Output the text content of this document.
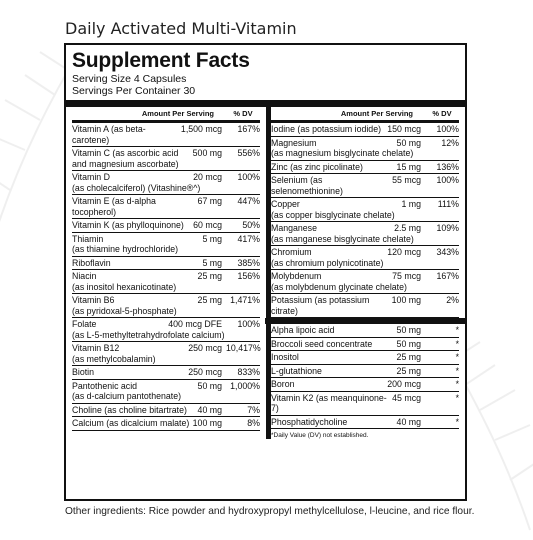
Daily Activated Multi-Vitamin
Supplement Facts
Serving Size 4 Capsules
Servings Per Container 30
Amount Per Serving	% DV
Vitamin A (as beta-carotene)
1,500 mcg	167%
Vitamin C (as ascorbic acid	500 mg	556%
and magnesium ascorbate)
Vitamin D	20 mcg	100%
(as cholecalciferol) (Vitashine®^)
Vitamin E (as d-alpha tocopherol)
67 mg	447%
Vitamin K (as phylloquinone)	60 mcg	50%
Thiamin	5 mg	417%
(as thiamine hydrochloride)
Riboflavin	5 mg	385%
Niacin	25 mg	156%
(as inositol hexanicotinate)
Vitamin B6	25 mg 1,471%
(as pyridoxal-5-phosphate)
Folate	400 mcg DFE	100%
(as L-5-methyltetrahydrofolate calcium)
Vitamin B12	250 mcg 10,417%
(as methylcobalamin)
Biotin	250 mcg	833%
Pantothenic acid	50 mg 1,000%
(as d-calcium pantothenate)
Choline (as choline bitartrate)	40 mg	7%
Calcium (as dicalcium malate) 100 mg	8%
Amount Per Serving	% DV
Iodine (as potassium iodide) 150 mcg	100%
Magnesium	50 mg	12%
(as magnesium bisglycinate chelate)
Zinc (as zinc picolinate)	15 mg	136%
Selenium (as selenomethionine)
55 mcg	100%
Copper	1 mg	111%
(as copper bisglycinate chelate)
Manganese	2.5 mg	109%
(as manganese bisglycinate chelate)
Chromium	120 mcg	343%
(as chromium polynicotinate)
Molybdenum	75 mcg	167%
(as molybdenum glycinate chelate)
Potassium (as potassium citrate)
100 mg	2%
Alpha lipoic acid	50 mg	*
Broccoli seed concentrate	50 mg	*
Inositol	25 mg	*
L-glutathione	25 mg	*
Boron	200 mcg	*
Vitamin K2 (as meanquinone-7)
45 mcg	*
Phosphatidycholine	40 mg	*
*Daily Value (DV) not established.
Other ingredients: Rice powder and hydroxypropyl methylcellulose, l-leucine, and rice flour.
